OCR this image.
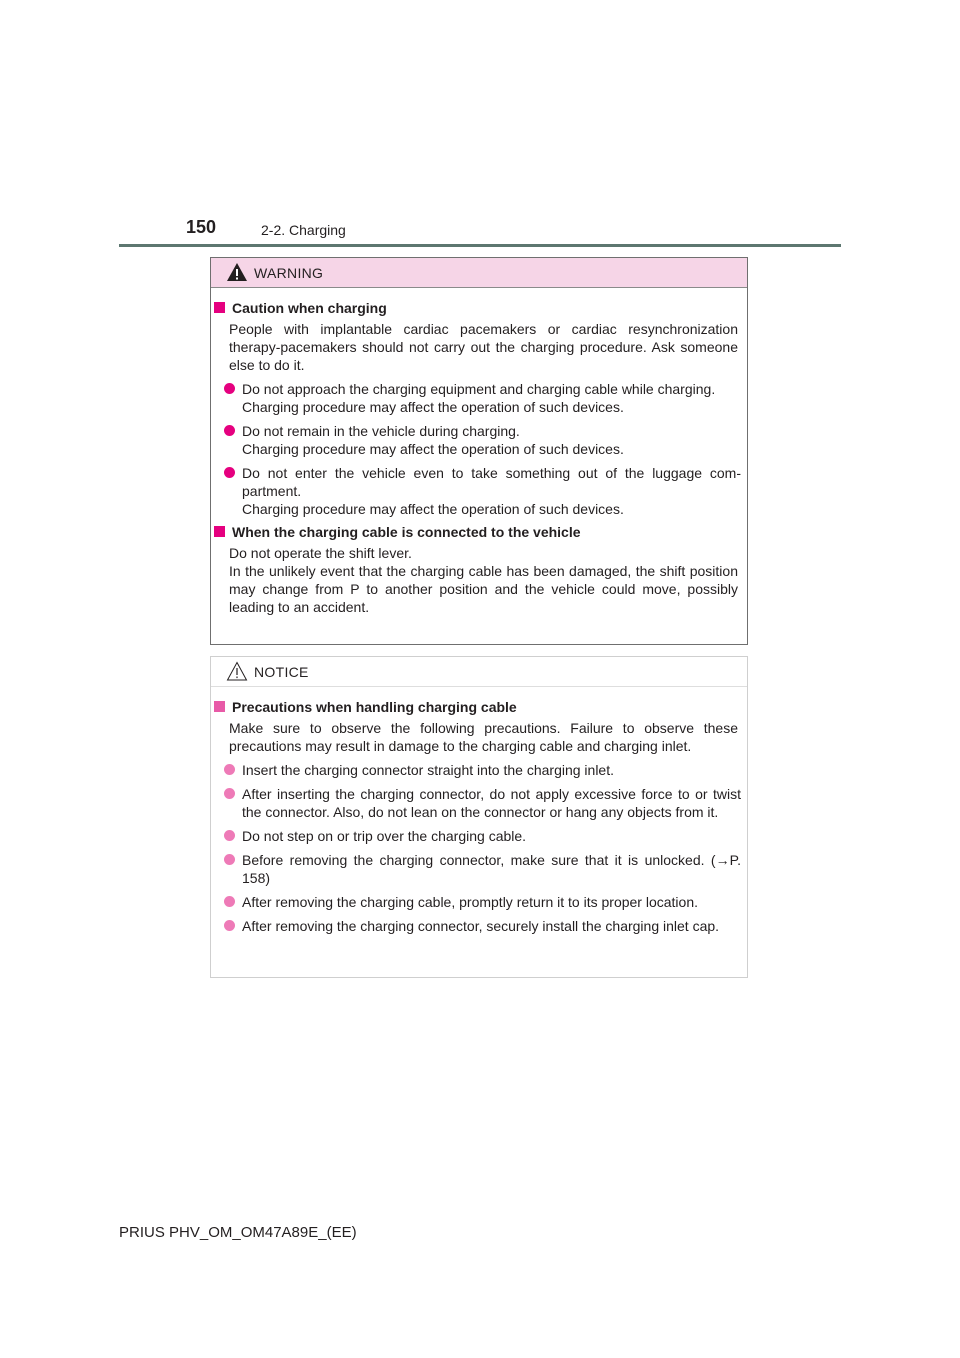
150	2-2. Charging
WARNING
Caution when charging
People with implantable cardiac pacemakers or cardiac resynchronization therapy-pacemakers should not carry out the charging procedure. Ask someone else to do it.
Do not approach the charging equipment and charging cable while charging.
Charging procedure may affect the operation of such devices.
Do not remain in the vehicle during charging.
Charging procedure may affect the operation of such devices.
Do not enter the vehicle even to take something out of the luggage com-partment.
Charging procedure may affect the operation of such devices.
When the charging cable is connected to the vehicle
Do not operate the shift lever.
In the unlikely event that the charging cable has been damaged, the shift position may change from P to another position and the vehicle could move, possibly leading to an accident.
NOTICE
Precautions when handling charging cable
Make sure to observe the following precautions. Failure to observe these precautions may result in damage to the charging cable and charging inlet.
Insert the charging connector straight into the charging inlet.
After inserting the charging connector, do not apply excessive force to or twist the connector. Also, do not lean on the connector or hang any objects from it.
Do not step on or trip over the charging cable.
Before removing the charging connector, make sure that it is unlocked. (→P. 158)
After removing the charging cable, promptly return it to its proper location.
After removing the charging connector, securely install the charging inlet cap.
PRIUS PHV_OM_OM47A89E_(EE)
